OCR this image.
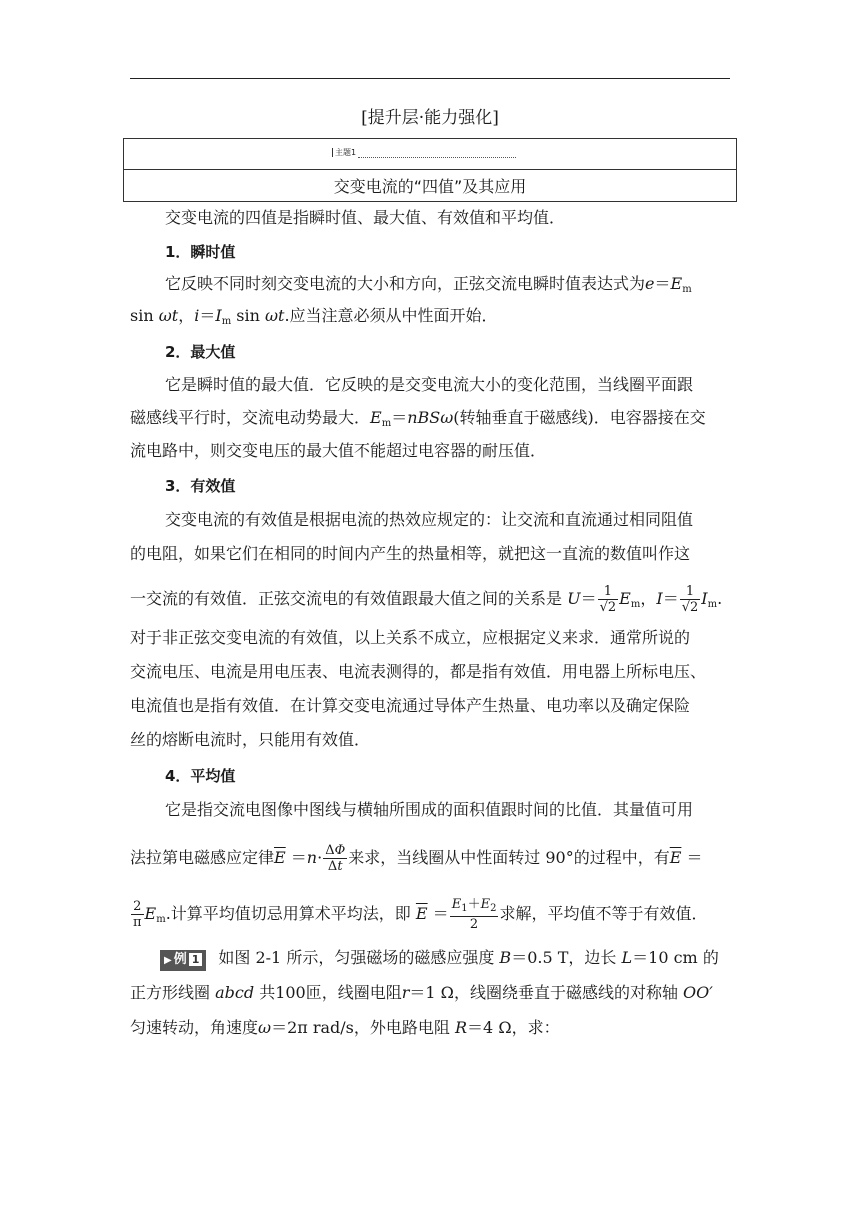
[提升层·能力强化]
主题1
交变电流的“四值”及其应用
交变电流的四值是指瞬时值、最大值、有效值和平均值．
1．瞬时值
它反映不同时刻交变电流的大小和方向，正弦交流电瞬时值表达式为$e=E_m$
sin ωt，$i=I_m$ sin ωt.应当注意必须从中性面开始．
2．最大值
它是瞬时值的最大值．它反映的是交变电流大小的变化范围，当线圈平面跟
磁感线平行时，交流电动势最大．$E_m=nBS\omega$(转轴垂直于磁感线)．电容器接在交
流电路中，则交变电压的最大值不能超过电容器的耐压值．
3．有效值
交变电流的有效值是根据电流的热效应规定的：让交流和直流通过相同阻值
的电阻，如果它们在相同的时间内产生的热量相等，就把这一直流的数值叫作这
一交流的有效值．正弦交流电的有效值跟最大值之间的关系是 $U= \frac{1}{√2} E_m$，$I= \frac{1}{√2} I_m$.
对于非正弦交变电流的有效值，以上关系不成立，应根据定义来求．通常所说的
交流电压、电流是用电压表、电流表测得的，都是指有效值．用电器上所标电压、
电流值也是指有效值．在计算交变电流通过导体产生热量、电功率以及确定保险
丝的熔断电流时，只能用有效值．
4．平均值
它是指交流电图像中图线与横轴所围成的面积值跟时间的比值．其量值可用
法拉第电磁感应定律$\overline{E} =n\cdot \frac{\Delta\Phi}{\Delta t}$ 来求，当线圈从中性面转过 90°的过程中，有$\overline{E}$ ＝
$\frac{2}{\pi} E_m$.计算平均值切忌用算术平均法，即 $\overline{E} = \frac{E_1+E_2}{2}$ 求解，平均值不等于有效值．
▶ 例 1 如图 2-1 所示，匀强磁场的磁感应强度 B＝0.5 T，边长 L＝10 cm 的
正方形线圈 abcd 共100匝，线圈电阻r＝1 Ω，线圈绕垂直于磁感线的对称轴 OO′
匀速转动，角速度ω＝2π rad/s，外电路电阻 R＝4 Ω，求：
